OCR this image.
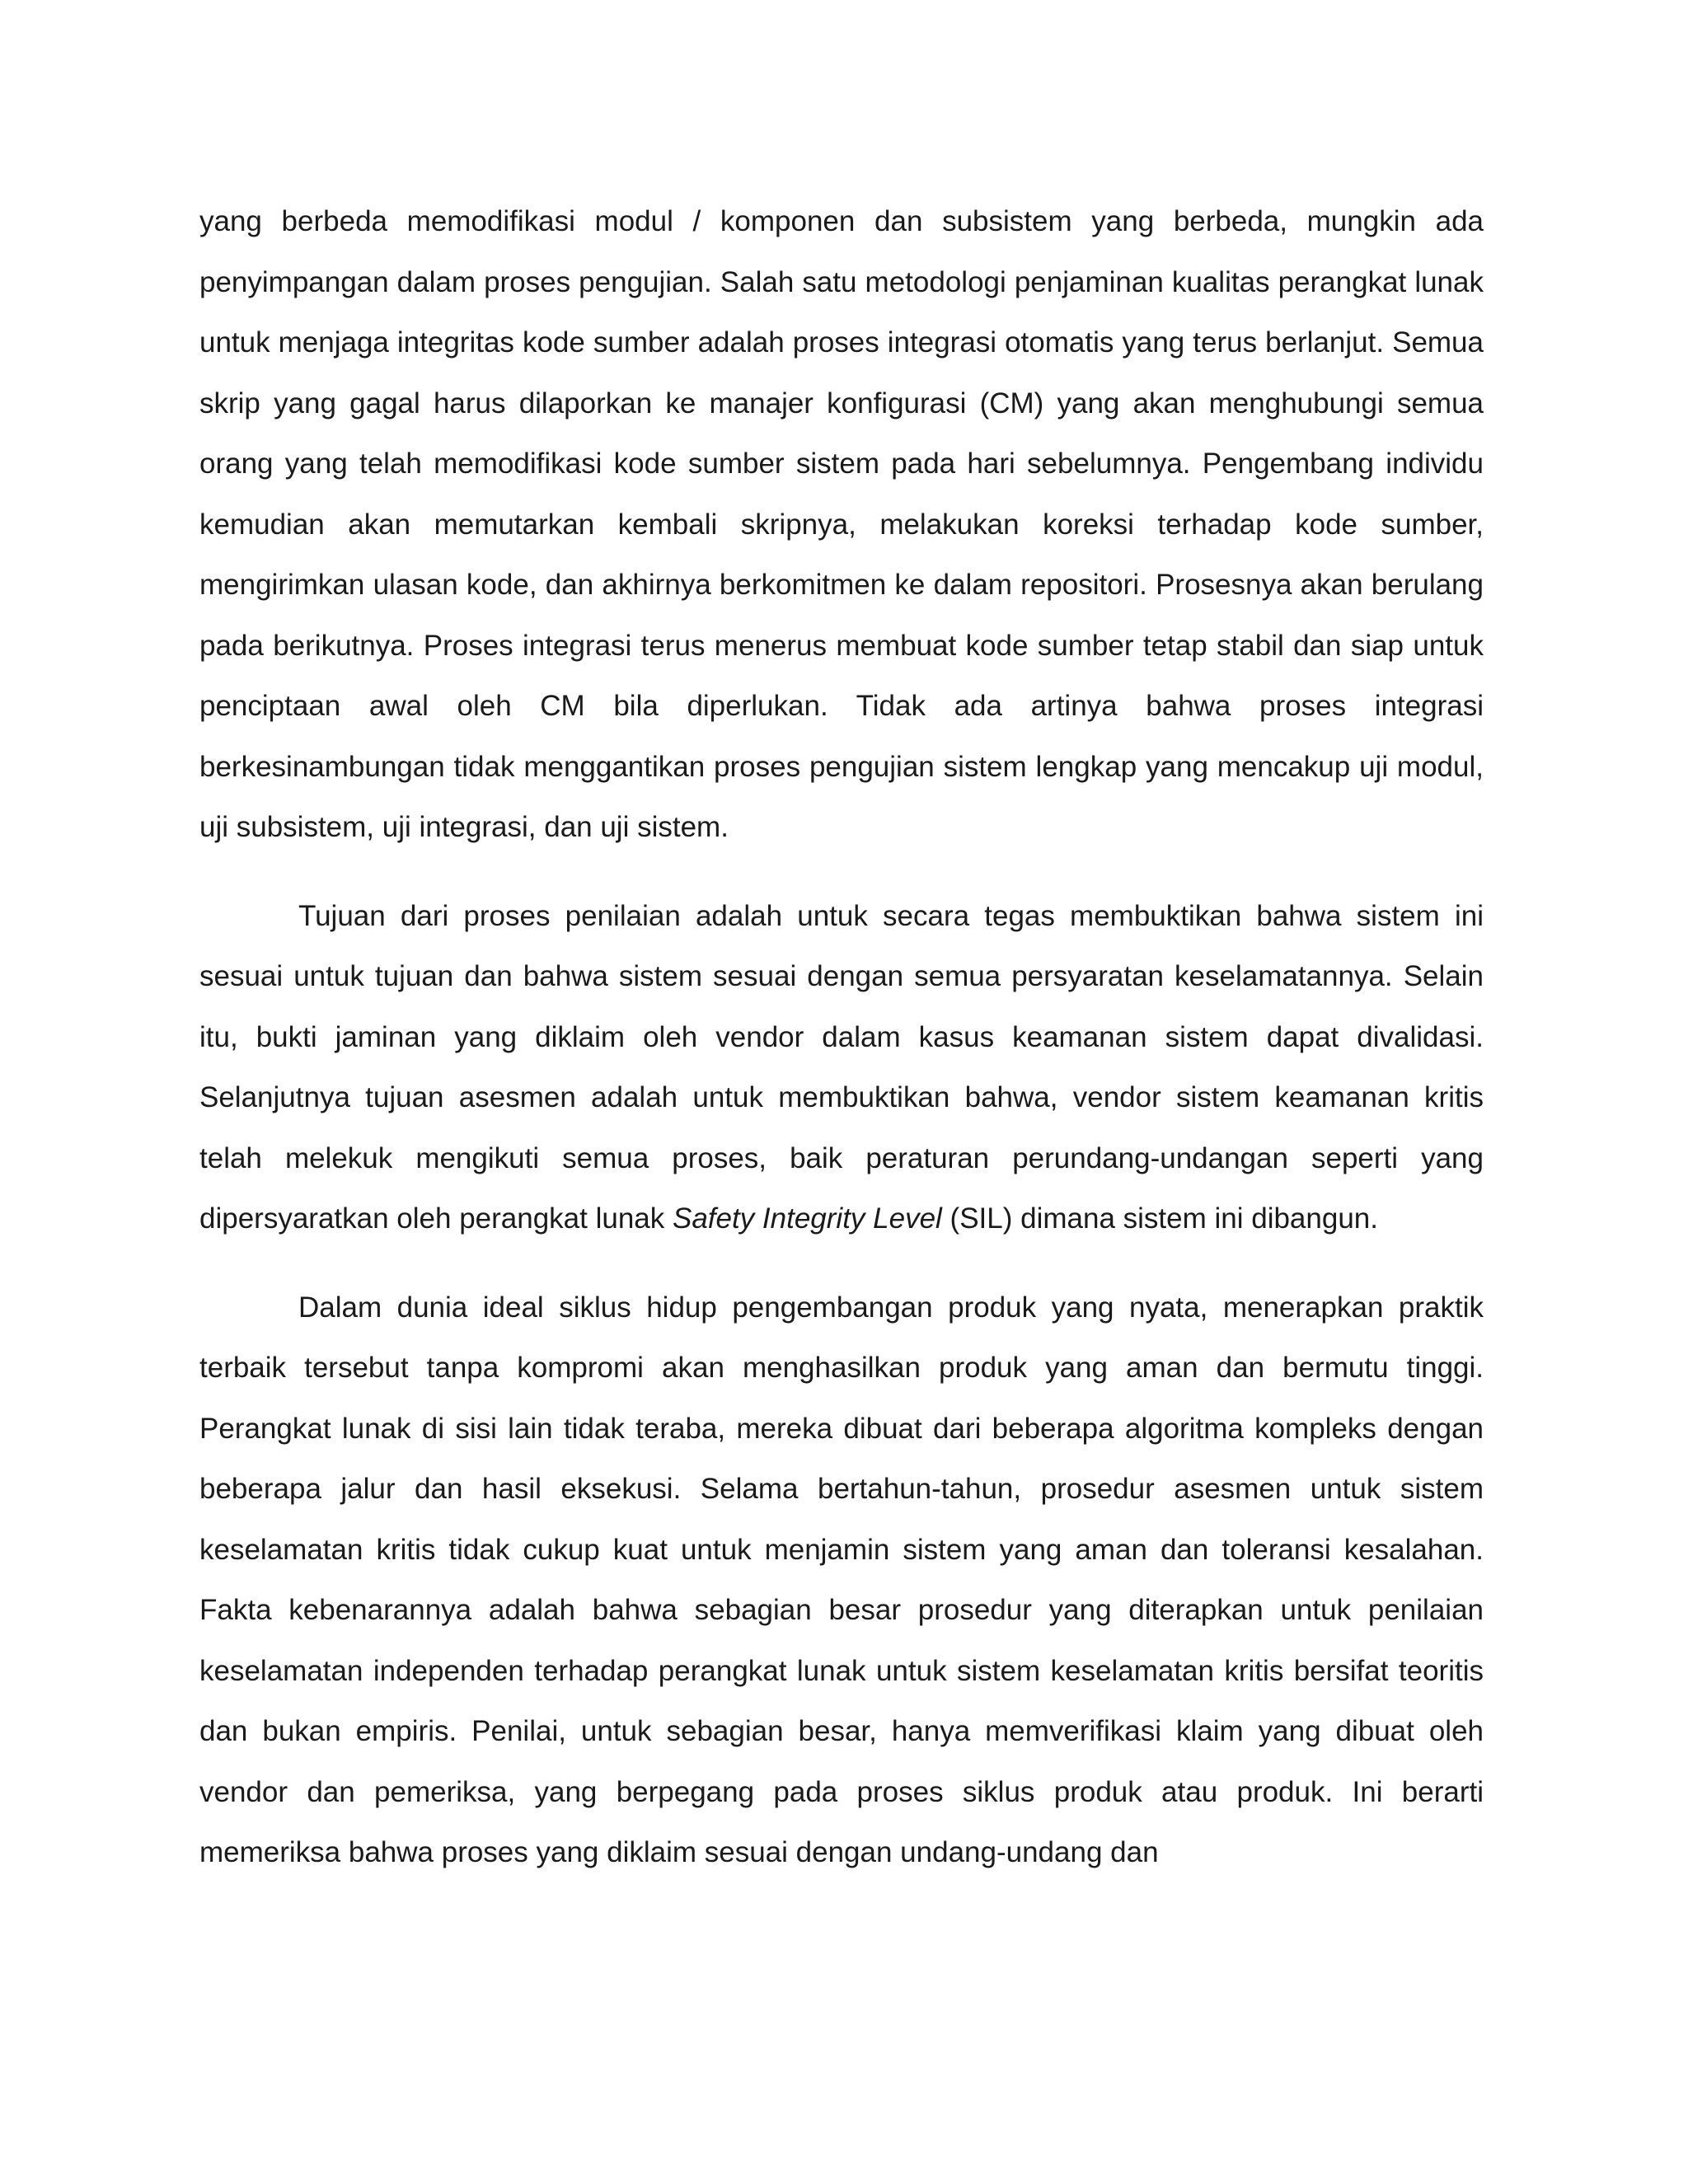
yang berbeda memodifikasi modul / komponen dan subsistem yang berbeda, mungkin ada penyimpangan dalam proses pengujian. Salah satu metodologi penjaminan kualitas perangkat lunak untuk menjaga integritas kode sumber adalah proses integrasi otomatis yang terus berlanjut. Semua skrip yang gagal harus dilaporkan ke manajer konfigurasi (CM) yang akan menghubungi semua orang yang telah memodifikasi kode sumber sistem pada hari sebelumnya. Pengembang individu kemudian akan memutarkan kembali skripnya, melakukan koreksi terhadap kode sumber, mengirimkan ulasan kode, dan akhirnya berkomitmen ke dalam repositori. Prosesnya akan berulang pada berikutnya. Proses integrasi terus menerus membuat kode sumber tetap stabil dan siap untuk penciptaan awal oleh CM bila diperlukan. Tidak ada artinya bahwa proses integrasi berkesinambungan tidak menggantikan proses pengujian sistem lengkap yang mencakup uji modul, uji subsistem, uji integrasi, dan uji sistem.

Tujuan dari proses penilaian adalah untuk secara tegas membuktikan bahwa sistem ini sesuai untuk tujuan dan bahwa sistem sesuai dengan semua persyaratan keselamatannya. Selain itu, bukti jaminan yang diklaim oleh vendor dalam kasus keamanan sistem dapat divalidasi. Selanjutnya tujuan asesmen adalah untuk membuktikan bahwa, vendor sistem keamanan kritis telah melekuk mengikuti semua proses, baik peraturan perundang-undangan seperti yang dipersyaratkan oleh perangkat lunak Safety Integrity Level (SIL) dimana sistem ini dibangun.

Dalam dunia ideal siklus hidup pengembangan produk yang nyata, menerapkan praktik terbaik tersebut tanpa kompromi akan menghasilkan produk yang aman dan bermutu tinggi. Perangkat lunak di sisi lain tidak teraba, mereka dibuat dari beberapa algoritma kompleks dengan beberapa jalur dan hasil eksekusi. Selama bertahun-tahun, prosedur asesmen untuk sistem keselamatan kritis tidak cukup kuat untuk menjamin sistem yang aman dan toleransi kesalahan. Fakta kebenarannya adalah bahwa sebagian besar prosedur yang diterapkan untuk penilaian keselamatan independen terhadap perangkat lunak untuk sistem keselamatan kritis bersifat teoritis dan bukan empiris. Penilai, untuk sebagian besar, hanya memverifikasi klaim yang dibuat oleh vendor dan pemeriksa, yang berpegang pada proses siklus produk atau produk. Ini berarti memeriksa bahwa proses yang diklaim sesuai dengan undang-undang dan
